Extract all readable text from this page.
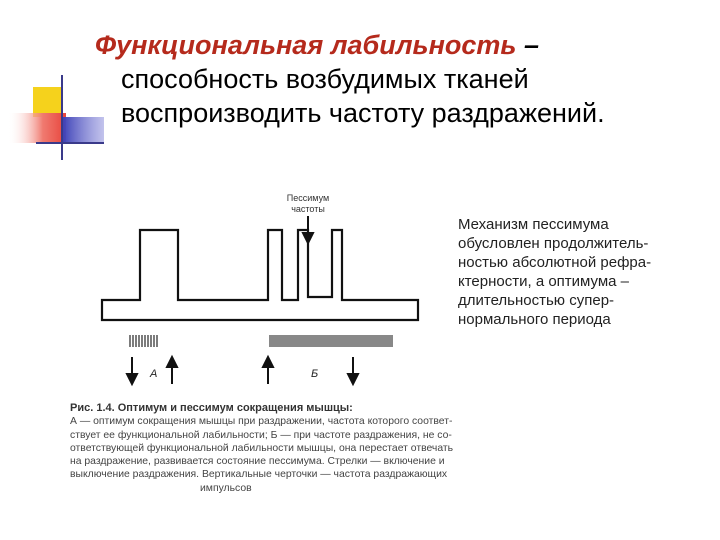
Функциональная лабильность –
способность возбудимых тканей
воспроизводить частоту раздражений.
Пессимум
частоты
А	Б
Механизм пессимума
обусловлен продолжитель-
ностью абсолютной рефра-
ктерности, а оптимума –
длительностью супер-
нормального периода
Рис. 1.4. Оптимум и пессимум сокращения мышцы:
А — оптимум сокращения мышцы при раздражении, частота которого соответ-
ствует ее функциональной лабильности; Б — при частоте раздражения, не со-
ответствующей функциональной лабильности мышцы, она перестает отвечать
на раздражение, развивается состояние пессимума. Стрелки — включение и
выключение раздражения. Вертикальные черточки — частота раздражающих
импульсов
